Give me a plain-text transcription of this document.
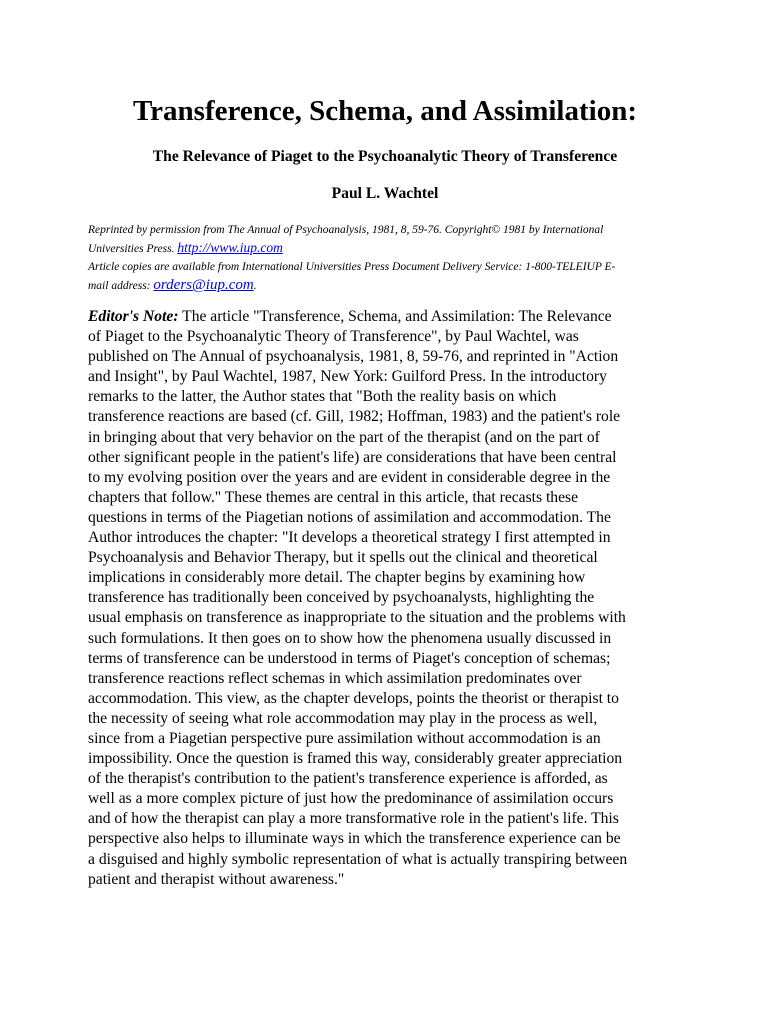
Transference, Schema, and Assimilation:
The Relevance of Piaget to the Psychoanalytic Theory of Transference

Paul L. Wachtel

Reprinted by permission from The Annual of Psychoanalysis, 1981, 8, 59-76. Copyright© 1981 by International
Universities Press. http://www.iup.com
Article copies are available from International Universities Press Document Delivery Service: 1-800-TELEIUP E-
mail address: orders@iup.com.
Editor's Note: The article "Transference, Schema, and Assimilation: The Relevance
of Piaget to the Psychoanalytic Theory of Transference", by Paul Wachtel, was
published on The Annual of psychoanalysis, 1981, 8, 59-76, and reprinted in "Action
and Insight", by Paul Wachtel, 1987, New York: Guilford Press. In the introductory
remarks to the latter, the Author states that "Both the reality basis on which
transference reactions are based (cf. Gill, 1982; Hoffman, 1983) and the patient's role
in bringing about that very behavior on the part of the therapist (and on the part of
other significant people in the patient's life) are considerations that have been central
to my evolving position over the years and are evident in considerable degree in the
chapters that follow." These themes are central in this article, that recasts these
questions in terms of the Piagetian notions of assimilation and accommodation. The
Author introduces the chapter: "It develops a theoretical strategy I first attempted in
Psychoanalysis and Behavior Therapy, but it spells out the clinical and theoretical
implications in considerably more detail. The chapter begins by examining how
transference has traditionally been conceived by psychoanalysts, highlighting the
usual emphasis on transference as inappropriate to the situation and the problems with
such formulations. It then goes on to show how the phenomena usually discussed in
terms of transference can be understood in terms of Piaget's conception of schemas;
transference reactions reflect schemas in which assimilation predominates over
accommodation. This view, as the chapter develops, points the theorist or therapist to
the necessity of seeing what role accommodation may play in the process as well,
since from a Piagetian perspective pure assimilation without accommodation is an
impossibility. Once the question is framed this way, considerably greater appreciation
of the therapist's contribution to the patient's transference experience is afforded, as
well as a more complex picture of just how the predominance of assimilation occurs
and of how the therapist can play a more transformative role in the patient's life. This
perspective also helps to illuminate ways in which the transference experience can be
a disguised and highly symbolic representation of what is actually transpiring between
patient and therapist without awareness."
